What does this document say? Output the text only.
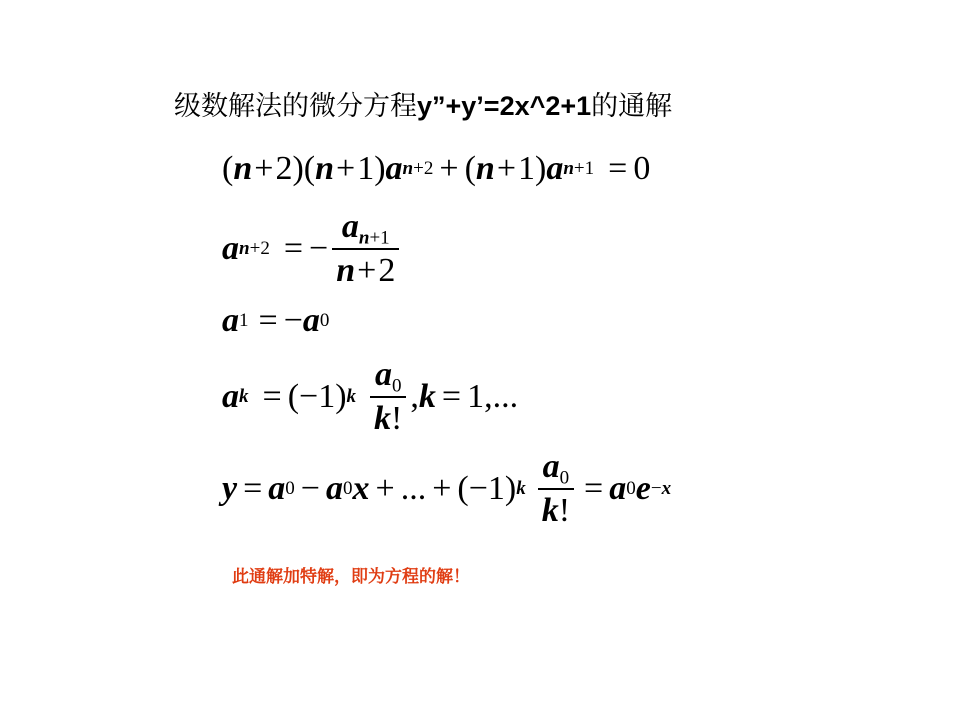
级数解法的微分方程y”+y’=2x^2+1的通解
( n + 2)( n + 1) a n+2 + ( n + 1) a n+1 = 0
a n+2 = − $\frac{a_{n+1}}{n+2}$
a 1 = − a 0
a k = (−1) k $\frac{a_0}{k!}$ , k = 1,...
y = a 0 − a 0 x + ... + (−1) k $\frac{a_0}{k!} = a$ 0 e −x
此通解加特解，即为方程的解！
